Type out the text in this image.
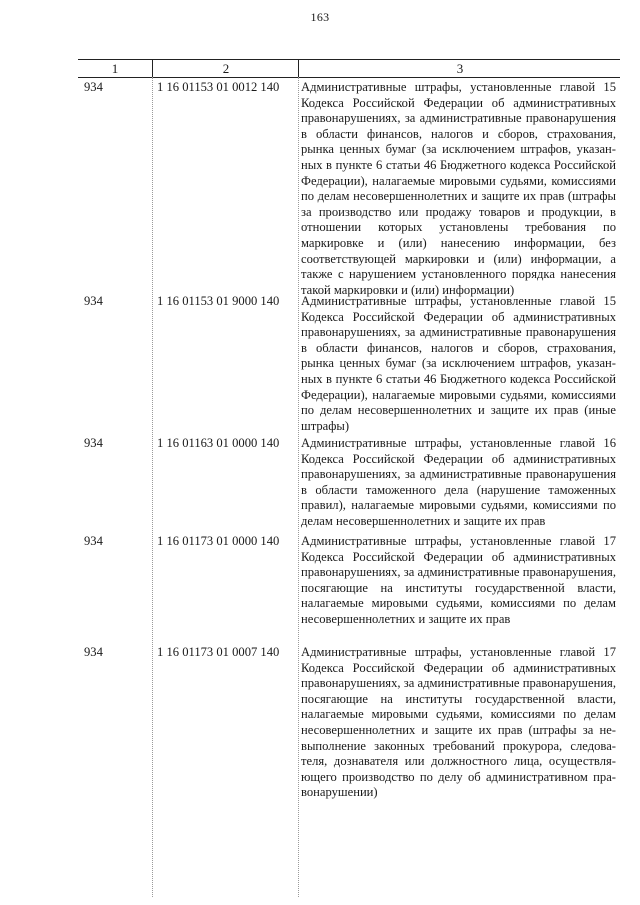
163
1	2	3
934	1 16 01153 01 0012 140	Административные штрафы, установленные главой 15 Кодекса Российской Федерации об административных правонарушениях, за административные правонарушения в области финансов, налогов и сборов, страхования, рынка ценных бумаг (за исключением штрафов, указанных в пункте 6 статьи 46 Бюджетного кодекса Российской Федерации), налагаемые мировыми судьями, комиссиями по делам несовершеннолетних и защите их прав (штрафы за производство или продажу товаров и продукции, в отношении которых установлены требования по маркировке и (или) нанесению информации, без соответствующей маркировки и (или) информации, а также с нарушением установленного порядка нанесения такой маркировки и (или) информации)
934	1 16 01153 01 9000 140	Административные штрафы, установленные главой 15 Кодекса Российской Федерации об административных правонарушениях, за административные правонарушения в области финансов, налогов и сборов, страхования, рынка ценных бумаг (за исключением штрафов, указанных в пункте 6 статьи 46 Бюджетного кодекса Российской Федерации), налагаемые мировыми судьями, комиссиями по делам несовершеннолетних и защите их прав (иные штрафы)
934	1 16 01163 01 0000 140	Административные штрафы, установленные главой 16 Кодекса Российской Федерации об административных правонарушениях, за административные правонарушения в области таможенного дела (нарушение таможенных правил), налагаемые мировыми судьями, комиссиями по делам несовершеннолетних и защите их прав
934	1 16 01173 01 0000 140	Административные штрафы, установленные главой 17 Кодекса Российской Федерации об административных правонарушениях, за административные правонарушения, посягающие на институты государственной власти, налагаемые мировыми судьями, комиссиями по делам несовершеннолетних и защите их прав
934	1 16 01173 01 0007 140	Административные штрафы, установленные главой 17 Кодекса Российской Федерации об административных правонарушениях, за административные правонарушения, посягающие на институты государственной власти, налагаемые мировыми судьями, комиссиями по делам несовершеннолетних и защите их прав (штрафы за невыполнение законных требований прокурора, следователя, дознавателя или должностного лица, осуществляющего производство по делу об административном правонарушении)
